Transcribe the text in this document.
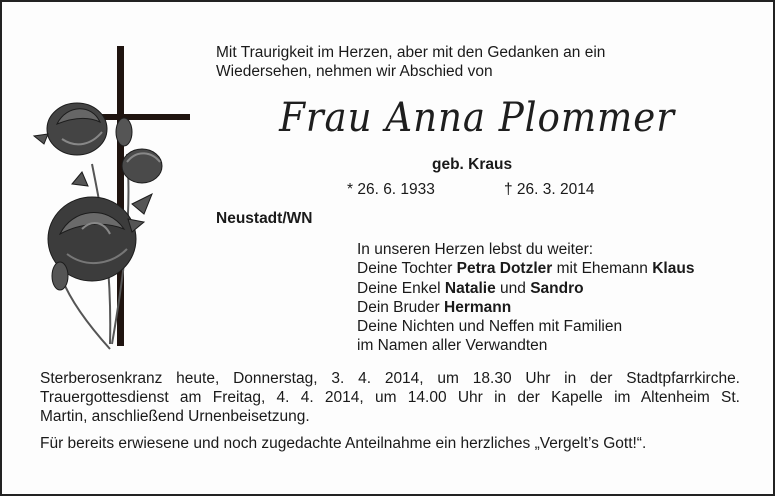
Mit Traurigkeit im Herzen, aber mit den Gedanken an ein
Wiedersehen, nehmen wir Abschied von
Frau Anna Plommer
geb. Kraus
* 26. 6. 1933	† 26. 3. 2014
Neustadt/WN
In unseren Herzen lebst du weiter:
Deine Tochter Petra Dotzler mit Ehemann Klaus
Deine Enkel Natalie und Sandro
Dein Bruder Hermann
Deine Nichten und Neffen mit Familien
im Namen aller Verwandten
Sterberosenkranz heute, Donnerstag, 3. 4. 2014, um 18.30 Uhr in der Stadtpfarrkirche.
Trauergottesdienst am Freitag, 4. 4. 2014, um 14.00 Uhr in der Kapelle im Altenheim St.
Martin, anschließend Urnenbeisetzung.
Für bereits erwiesene und noch zugedachte Anteilnahme ein herzliches „Vergelt’s Gott!“.
